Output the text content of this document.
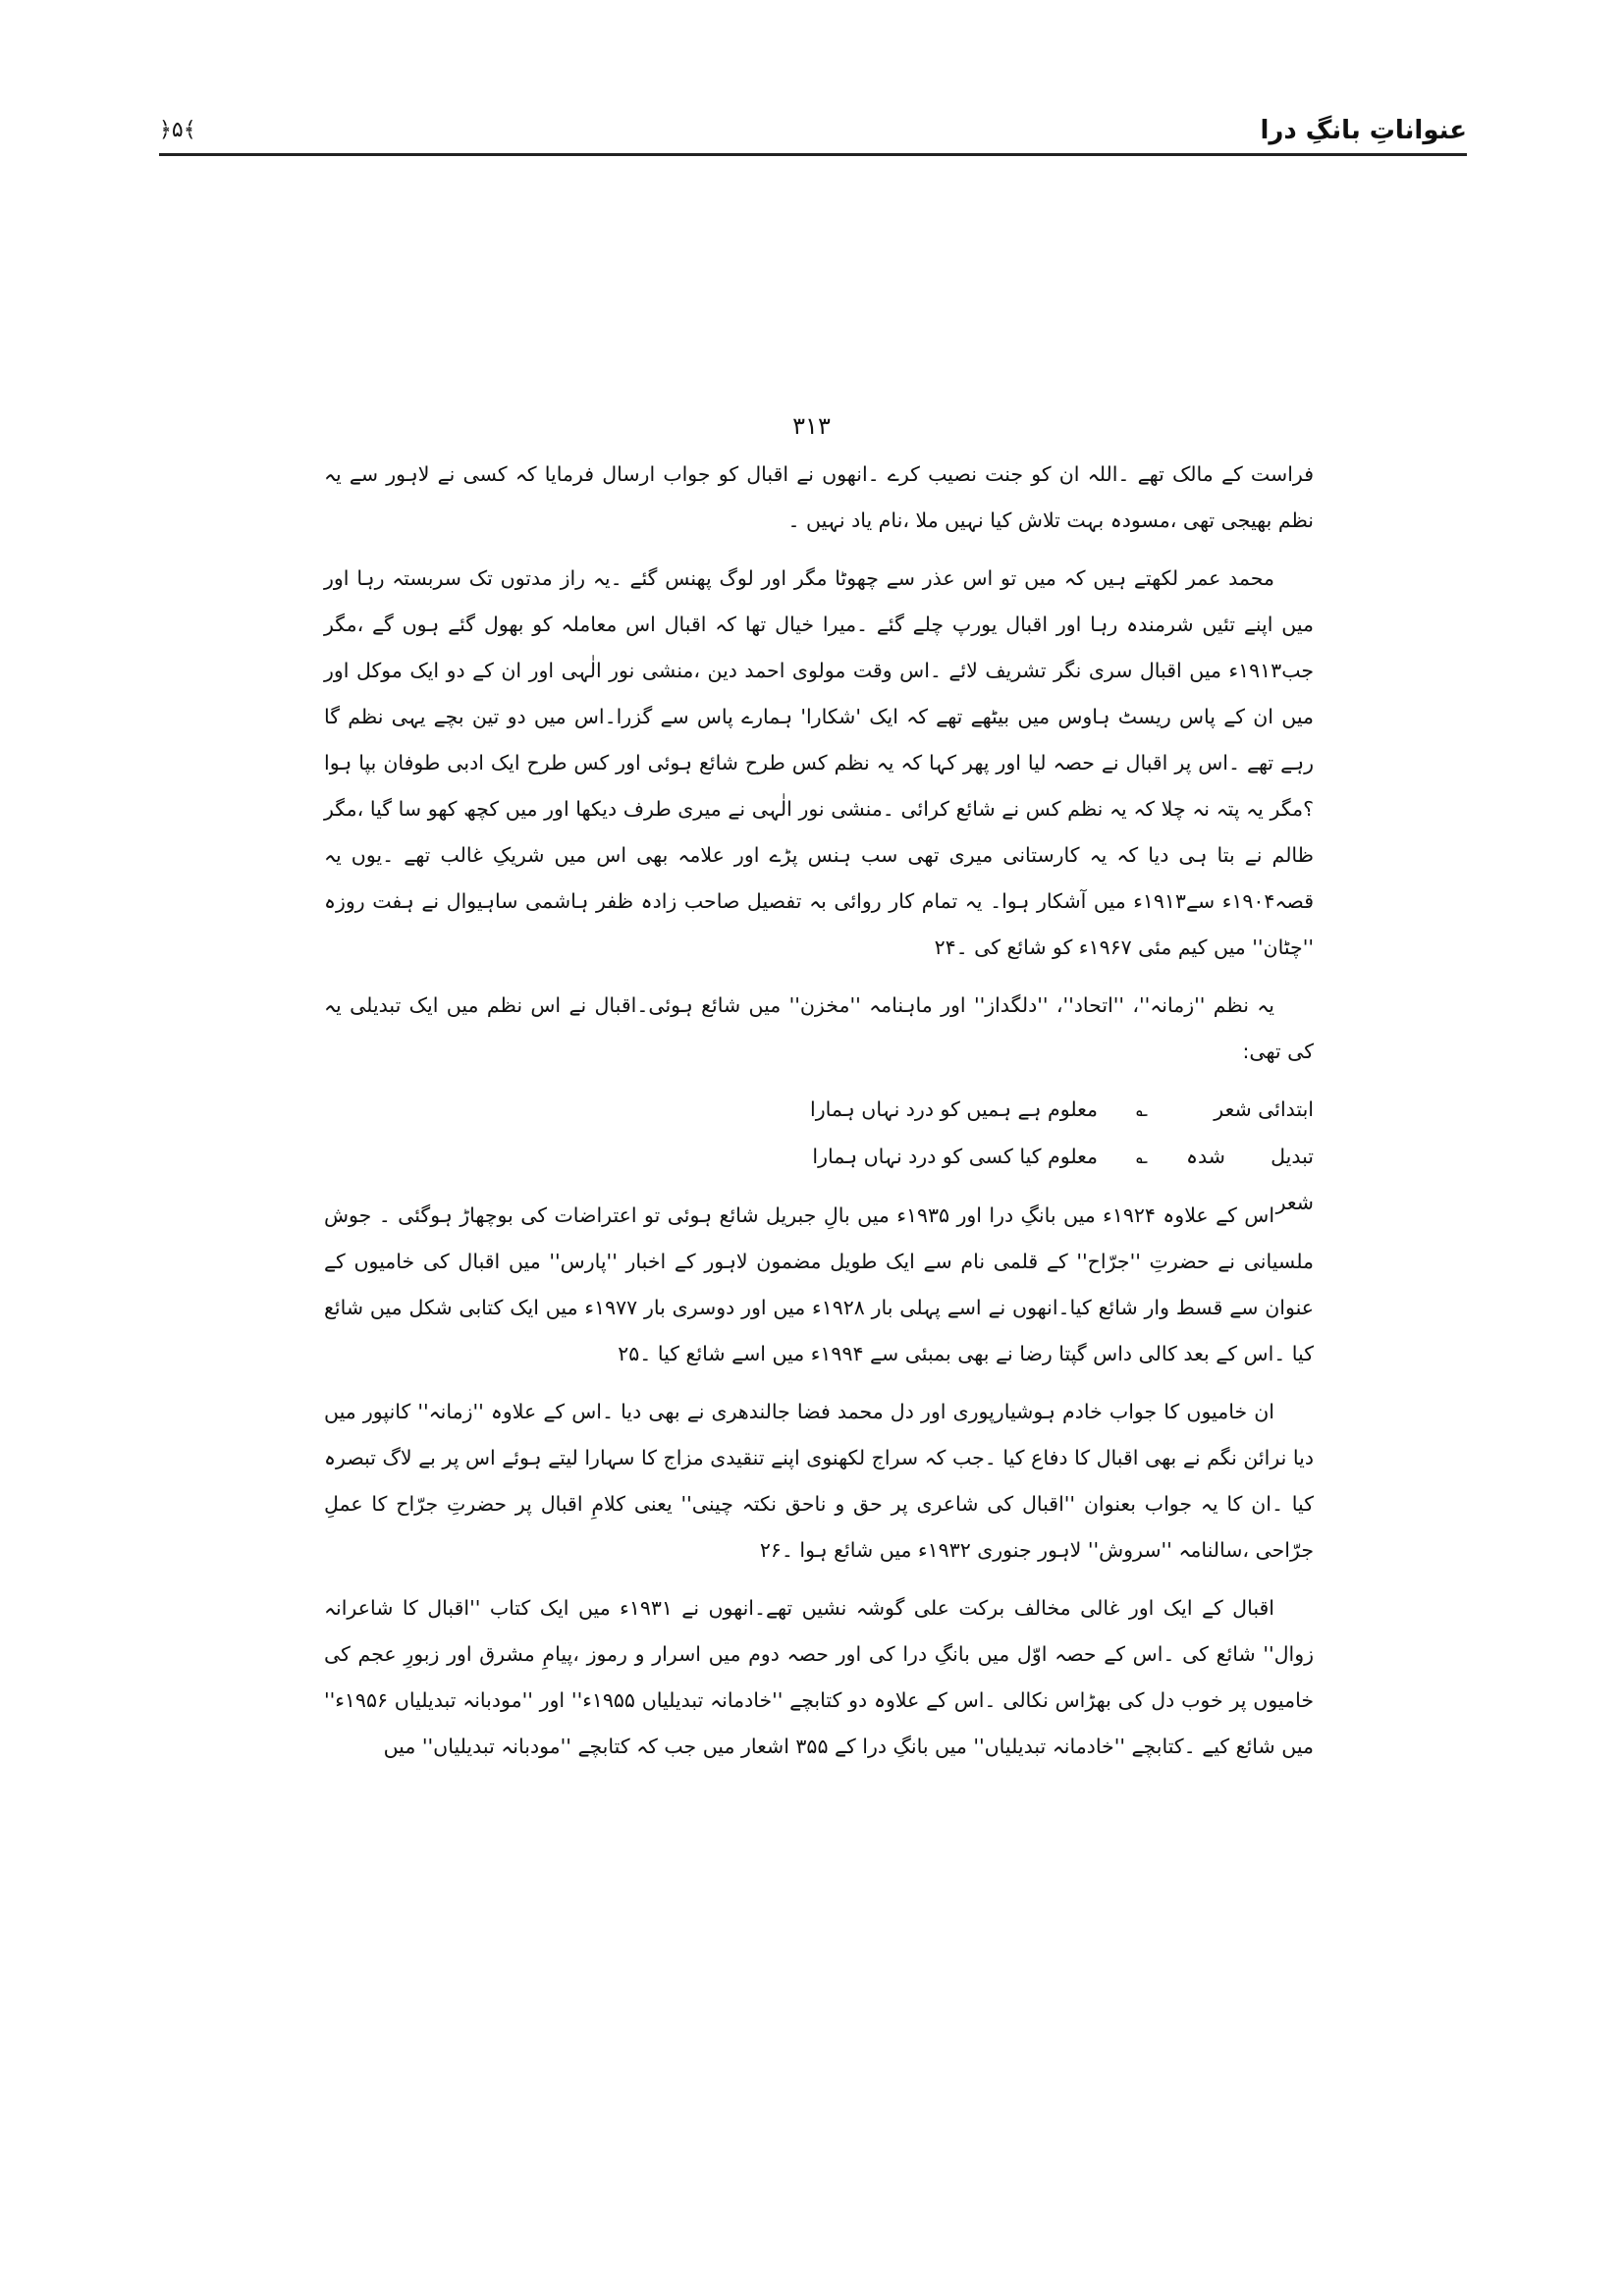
عنواناتِ بانگِ درا
﴿۵﴾
۳۱۳

فراست کے مالک تھے ۔اللہ ان کو جنت نصیب کرے ۔انھوں نے اقبال کو جواب ارسال فرمایا کہ کسی نے لاہور سے یہ نظم بھیجی تھی ،مسودہ بہت تلاش کیا نہیں ملا ،نام یاد نہیں ۔

محمد عمر لکھتے ہیں کہ میں تو اس عذر سے چھوٹا مگر اور لوگ پھنس گئے ۔یہ راز مدتوں تک سربستہ رہا اور میں اپنے تئیں شرمندہ رہا اور اقبال یورپ چلے گئے ۔میرا خیال تھا کہ اقبال اس معاملہ کو بھول گئے ہوں گے ،مگر جب۱۹۱۳ء میں اقبال سری نگر تشریف لائے ۔اس وقت مولوی احمد دین ،منشی نور الٰہی اور ان کے دو ایک موکل اور میں ان کے پاس ریسٹ ہاوس میں بیٹھے تھے کہ ایک 'شکارا' ہمارے پاس سے گزرا۔اس میں دو تین بچے یہی نظم گا رہے تھے ۔اس پر اقبال نے حصہ لیا اور پھر کہا کہ یہ نظم کس طرح شائع ہوئی اور کس طرح ایک ادبی طوفان بپا ہوا ؟مگر یہ پتہ نہ چلا کہ یہ نظم کس نے شائع کرائی ۔منشی نور الٰہی نے میری طرف دیکھا اور میں کچھ کھو سا گیا ،مگر ظالم نے بتا ہی دیا کہ یہ کارستانی میری تھی سب ہنس پڑے اور علامہ بھی اس میں شریکِ غالب تھے ۔یوں یہ قصہ۱۹۰۴ء سے۱۹۱۳ء میں آشکار ہوا۔ یہ تمام کار روائی بہ تفصیل صاحب زادہ ظفر ہاشمی ساہیوال نے ہفت روزہ ''چٹان'' میں کیم مئی ۱۹۶۷ء کو شائع کی ۔۲۴

یہ نظم ''زمانہ''، ''اتحاد''، ''دلگداز'' اور ماہنامہ ''مخزن'' میں شائع ہوئی۔اقبال نے اس نظم میں ایک تبدیلی یہ کی تھی:

ابتدائی شعر
؎
معلوم ہے ہمیں کو درد نہاں ہمارا
تبدیل شدہ شعر
؎
معلوم کیا کسی کو درد نہاں ہمارا

اس کے علاوہ ۱۹۲۴ء میں بانگِ درا اور ۱۹۳۵ء میں بالِ جبریل شائع ہوئی تو اعتراضات کی بوچھاڑ ہوگئی ۔ جوش ملسیانی نے حضرتِ ''جرّاح'' کے قلمی نام سے ایک طویل مضمون لاہور کے اخبار ''پارس'' میں اقبال کی خامیوں کے عنوان سے قسط وار شائع کیا۔انھوں نے اسے پہلی بار ۱۹۲۸ء میں اور دوسری بار ۱۹۷۷ء میں ایک کتابی شکل میں شائع کیا ۔اس کے بعد کالی داس گپتا رضا نے بھی بمبئی سے ۱۹۹۴ء میں اسے شائع کیا ۔۲۵

ان خامیوں کا جواب خادم ہوشیارپوری اور دل محمد فضا جالندھری نے بھی دیا ۔اس کے علاوہ ''زمانہ'' کانپور میں دیا نرائن نگم نے بھی اقبال کا دفاع کیا ۔جب کہ سراج لکھنوی اپنے تنقیدی مزاج کا سہارا لیتے ہوئے اس پر بے لاگ تبصرہ کیا ۔ان کا یہ جواب بعنوان ''اقبال کی شاعری پر حق و ناحق نکتہ چینی'' یعنی کلامِ اقبال پر حضرتِ جرّاح کا عملِ جرّاحی ،سالنامہ ''سروش'' لاہور جنوری ۱۹۳۲ء میں شائع ہوا ۔۲۶

اقبال کے ایک اور غالی مخالف برکت علی گوشہ نشیں تھے۔انھوں نے ۱۹۳۱ء میں ایک کتاب ''اقبال کا شاعرانہ زوال'' شائع کی ۔اس کے حصہ اوّل میں بانگِ درا کی اور حصہ دوم میں اسرار و رموز ،پیامِ مشرق اور زبورِ عجم کی خامیوں پر خوب دل کی بھڑاس نکالی ۔اس کے علاوہ دو کتابچے ''خادمانہ تبدیلیاں ۱۹۵۵ء'' اور ''مودبانہ تبدیلیاں ۱۹۵۶ء'' میں شائع کیے ۔کتابچے ''خادمانہ تبدیلیاں'' میں بانگِ درا کے ۳۵۵ اشعار میں جب کہ کتابچے ''مودبانہ تبدیلیاں'' میں
